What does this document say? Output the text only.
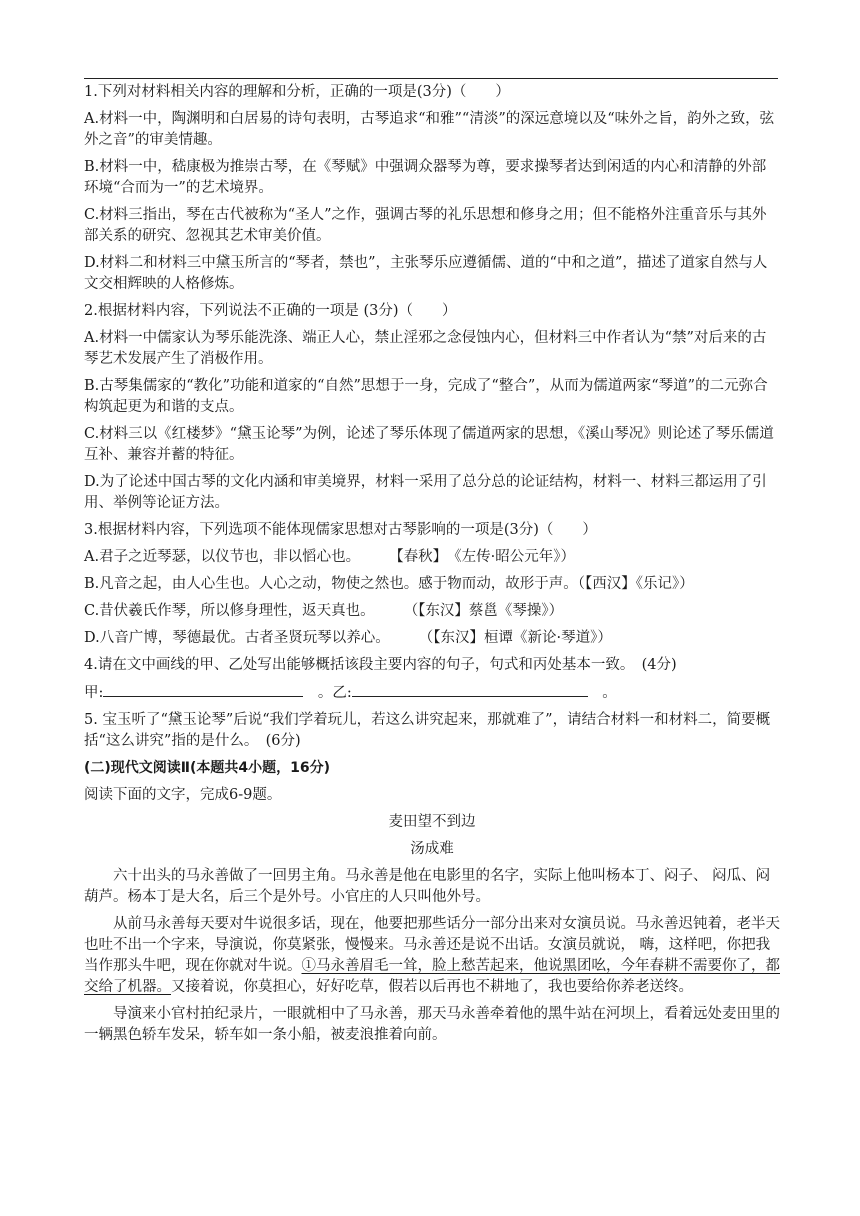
1.下列对材料相关内容的理解和分析，正确的一项是(3分)（　　）

A.材料一中，陶渊明和白居易的诗句表明，古琴追求“和雅”“清淡”的深远意境以及“味外之旨，韵外之致，弦外之音”的审美情趣。

B.材料一中，嵇康极为推崇古琴，在《琴赋》中强调众器琴为尊，要求操琴者达到闲适的内心和清静的外部环境“合而为一”的艺术境界。

C.材料三指出，琴在古代被称为“圣人”之作，强调古琴的礼乐思想和修身之用；但不能格外注重音乐与其外部关系的研究、忽视其艺术审美价值。

D.材料二和材料三中黛玉所言的“琴者，禁也”，主张琴乐应遵循儒、道的“中和之道”，描述了道家自然与人文交相辉映的人格修炼。

2.根据材料内容，下列说法不正确的一项是 (3分)（　　）

A.材料一中儒家认为琴乐能洗涤、端正人心，禁止淫邪之念侵蚀内心，但材料三中作者认为“禁”对后来的古琴艺术发展产生了消极作用。

B.古琴集儒家的“教化”功能和道家的“自然”思想于一身，完成了“整合”，从而为儒道两家“琴道”的二元弥合构筑起更为和谐的支点。

C.材料三以《红楼梦》“黛玉论琴”为例，论述了琴乐体现了儒道两家的思想，《溪山琴况》则论述了琴乐儒道互补、兼容并蓄的特征。

D.为了论述中国古琴的文化内涵和审美境界，材料一采用了总分总的论证结构，材料一、材料三都运用了引用、举例等论证方法。

3.根据材料内容，下列选项不能体现儒家思想对古琴影响的一项是(3分)（　　）

A.君子之近琴瑟，以仪节也，非以慆心也。 【春秋】　《左传·昭公元年》）

B.凡音之起，由人心生也。人心之动，物使之然也。感于物而动，故形于声。（【西汉】《乐记》）

C.昔伏羲氏作琴，所以修身理性，返天真也。 （【东汉】蔡邕《琴操》）

D.八音广博，琴德最优。古者圣贤玩琴以养心。 （【东汉】桓谭《新论·琴道》）

4.请在文中画线的甲、乙处写出能够概括该段主要内容的句子，句式和丙处基本一致。　(4分)

甲:	。乙:	。

5. 宝玉听了“黛玉论琴”后说“我们学着玩儿，若这么讲究起来，那就难了”，请结合材料一和材料二，简要概括“这么讲究”指的是什么。　(6分)

(二)现代文阅读Ⅱ(本题共4小题，16分)

阅读下面的文字，完成6-9题。

麦田望不到边

汤成难

六十出头的马永善做了一回男主角。马永善是他在电影里的名字，实际上他叫杨本丁、闷子、 闷瓜、闷葫芦。杨本丁是大名，后三个是外号。小官庄的人只叫他外号。

从前马永善每天要对牛说很多话，现在，他要把那些话分一部分出来对女演员说。马永善迟钝着，老半天也吐不出一个字来，导演说，你莫紧张，慢慢来。马永善还是说不出话。女演员就说， 嗨，这样吧，你把我当作那头牛吧，现在你就对牛说。①马永善眉毛一耸，脸上愁苦起来，他说黑团吆，今年春耕不需要你了，都交给了机器。又接着说，你莫担心，好好吃草，假若以后再也不耕地了，我也要给你养老送终。

导演来小官村拍纪录片，一眼就相中了马永善，那天马永善牵着他的黑牛站在河坝上，看着远处麦田里的一辆黑色轿车发呆，轿车如一条小船，被麦浪推着向前。
